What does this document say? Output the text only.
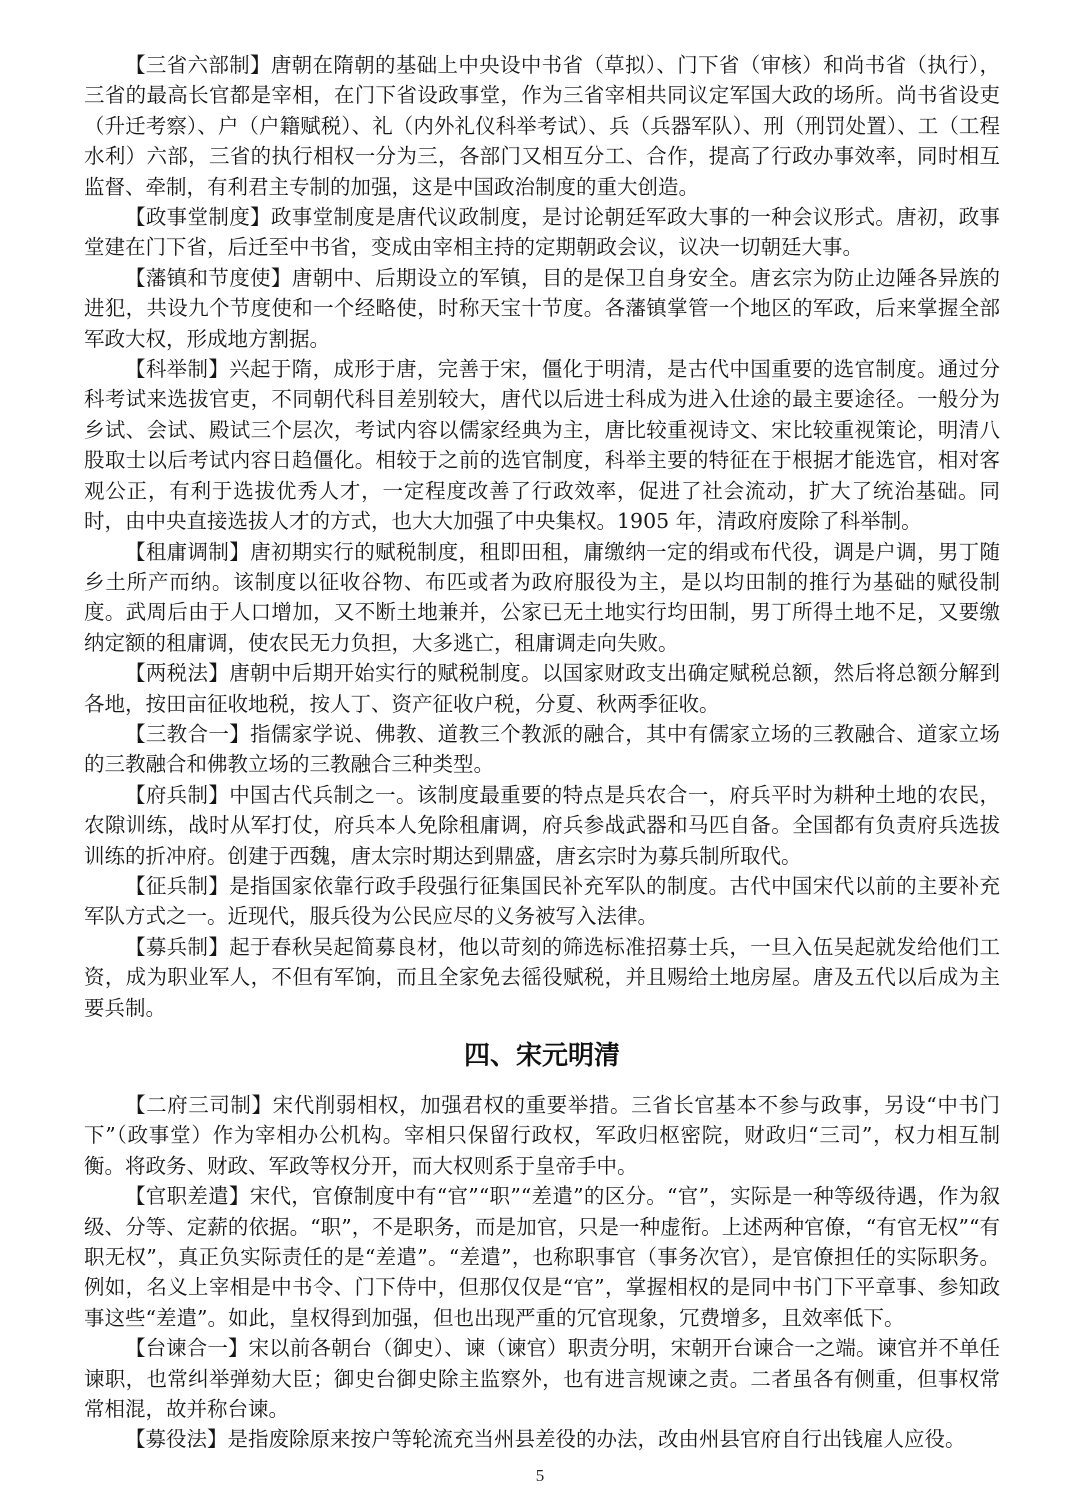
【三省六部制】唐朝在隋朝的基础上中央设中书省（草拟）、门下省（审核）和尚书省（执行），三省的最高长官都是宰相，在门下省设政事堂，作为三省宰相共同议定军国大政的场所。尚书省设吏（升迁考察）、户（户籍赋税）、礼（内外礼仪科举考试）、兵（兵器军队）、刑（刑罚处置）、工（工程水利）六部，三省的执行相权一分为三，各部门又相互分工、合作，提高了行政办事效率，同时相互监督、牵制，有利君主专制的加强，这是中国政治制度的重大创造。

【政事堂制度】政事堂制度是唐代议政制度，是讨论朝廷军政大事的一种会议形式。唐初，政事堂建在门下省，后迁至中书省，变成由宰相主持的定期朝政会议，议决一切朝廷大事。

【藩镇和节度使】唐朝中、后期设立的军镇，目的是保卫自身安全。唐玄宗为防止边陲各异族的进犯，共设九个节度使和一个经略使，时称天宝十节度。各藩镇掌管一个地区的军政，后来掌握全部军政大权，形成地方割据。

【科举制】兴起于隋，成形于唐，完善于宋，僵化于明清，是古代中国重要的选官制度。通过分科考试来选拔官吏，不同朝代科目差别较大，唐代以后进士科成为进入仕途的最主要途径。一般分为乡试、会试、殿试三个层次，考试内容以儒家经典为主，唐比较重视诗文、宋比较重视策论，明清八股取士以后考试内容日趋僵化。相较于之前的选官制度，科举主要的特征在于根据才能选官，相对客观公正，有利于选拔优秀人才，一定程度改善了行政效率，促进了社会流动，扩大了统治基础。同时，由中央直接选拔人才的方式，也大大加强了中央集权。1905 年，清政府废除了科举制。

【租庸调制】唐初期实行的赋税制度，租即田租，庸缴纳一定的绢或布代役，调是户调，男丁随乡土所产而纳。该制度以征收谷物、布匹或者为政府服役为主，是以均田制的推行为基础的赋役制度。武周后由于人口增加，又不断土地兼并，公家已无土地实行均田制，男丁所得土地不足，又要缴纳定额的租庸调，使农民无力负担，大多逃亡，租庸调走向失败。

【两税法】唐朝中后期开始实行的赋税制度。以国家财政支出确定赋税总额，然后将总额分解到各地，按田亩征收地税，按人丁、资产征收户税，分夏、秋两季征收。

【三教合一】指儒家学说、佛教、道教三个教派的融合，其中有儒家立场的三教融合、道家立场的三教融合和佛教立场的三教融合三种类型。

【府兵制】中国古代兵制之一。该制度最重要的特点是兵农合一，府兵平时为耕种土地的农民，农隙训练，战时从军打仗，府兵本人免除租庸调，府兵参战武器和马匹自备。全国都有负责府兵选拔训练的折冲府。创建于西魏，唐太宗时期达到鼎盛，唐玄宗时为募兵制所取代。

【征兵制】是指国家依靠行政手段强行征集国民补充军队的制度。古代中国宋代以前的主要补充军队方式之一。近现代，服兵役为公民应尽的义务被写入法律。

【募兵制】起于春秋吴起简募良材，他以苛刻的筛选标准招募士兵，一旦入伍吴起就发给他们工资，成为职业军人，不但有军饷，而且全家免去徭役赋税，并且赐给土地房屋。唐及五代以后成为主要兵制。

四、宋元明清

【二府三司制】宋代削弱相权，加强君权的重要举措。三省长官基本不参与政事，另设“中书门下”（政事堂）作为宰相办公机构。宰相只保留行政权，军政归枢密院，财政归“三司”，权力相互制衡。将政务、财政、军政等权分开，而大权则系于皇帝手中。

【官职差遣】宋代，官僚制度中有“官”“职”“差遣”的区分。“官”，实际是一种等级待遇，作为叙级、分等、定薪的依据。“职”，不是职务，而是加官，只是一种虚衔。上述两种官僚，“有官无权”“有职无权”，真正负实际责任的是“差遣”。“差遣”，也称职事官（事务次官），是官僚担任的实际职务。例如，名义上宰相是中书令、门下侍中，但那仅仅是“官”，掌握相权的是同中书门下平章事、参知政事这些“差遣”。如此，皇权得到加强，但也出现严重的冗官现象，冗费增多，且效率低下。

【台谏合一】宋以前各朝台（御史）、谏（谏官）职责分明，宋朝开台谏合一之端。谏官并不单任谏职，也常纠举弹劾大臣；御史台御史除主监察外，也有进言规谏之责。二者虽各有侧重，但事权常常相混，故并称台谏。

【募役法】是指废除原来按户等轮流充当州县差役的办法，改由州县官府自行出钱雇人应役。

5
